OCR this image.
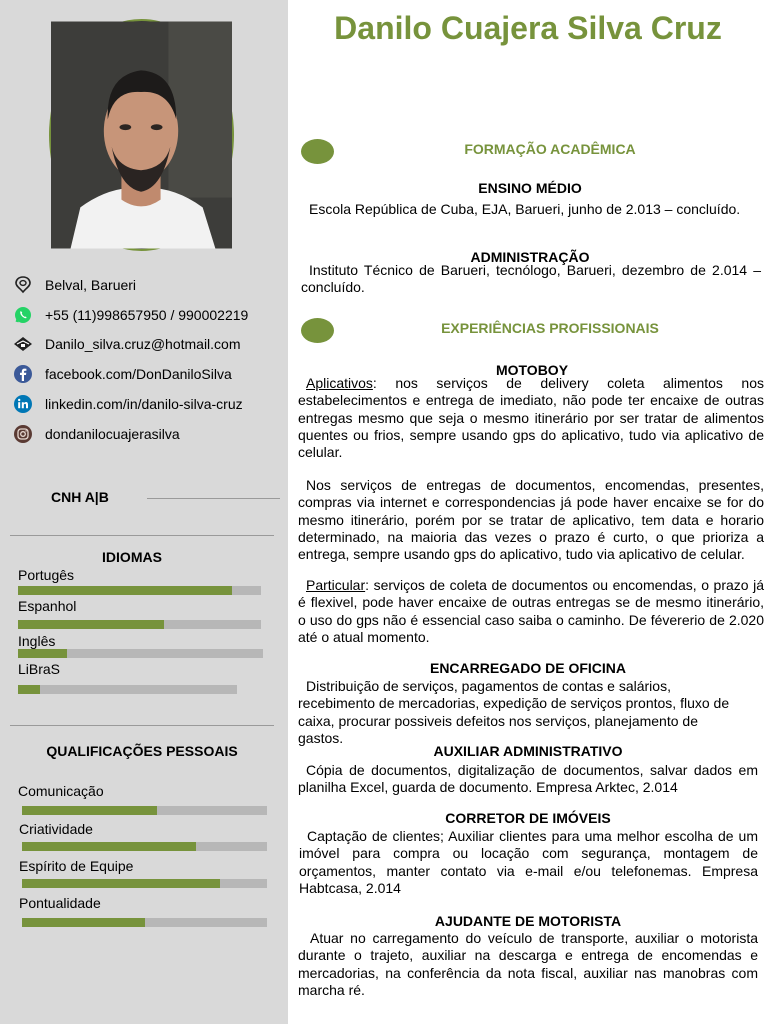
Belval, Barueri
+55 (11)998657950 / 990002219
Danilo_silva.cruz@hotmail.com
facebook.com/DonDaniloSilva
linkedin.com/in/danilo-silva-cruz
dondanilocuajerasilva
CNH A|B
IDIOMAS
Portugês
Espanhol
Inglês
LiBraS
QUALIFICAÇÕES PESSOAIS
Comunicação
Criatividade
Espírito de Equipe
Pontualidade
Danilo Cuajera Silva Cruz
FORMAÇÃO ACADÊMICA
ENSINO MÉDIO
Escola República de Cuba, EJA, Barueri, junho de 2.013 – concluído.
ADMINISTRAÇÃO
Instituto Técnico de Barueri, tecnólogo, Barueri, dezembro de 2.014 – concluído.
EXPERIÊNCIAS PROFISSIONAIS
MOTOBOY
Aplicativos: nos serviços de delivery coleta alimentos nos estabelecimentos e entrega de imediato, não pode ter encaixe de outras entregas mesmo que seja o mesmo itinerário por ser tratar de alimentos quentes ou frios, sempre usando gps do aplicativo, tudo via aplicativo de celular.
Nos serviços de entregas de documentos, encomendas, presentes, compras via internet e correspondencias já pode haver encaixe se for do mesmo itinerário, porém por se tratar de aplicativo, tem data e horario determinado, na maioria das vezes o prazo é curto, o que prioriza a entrega, sempre usando gps do aplicativo, tudo via aplicativo de celular.
Particular: serviços de coleta de documentos ou encomendas, o prazo já é flexivel, pode haver encaixe de outras entregas se de mesmo itinerário, o uso do gps não é essencial caso saiba o caminho. De févererio de 2.020 até o atual momento.
ENCARREGADO DE OFICINA
Distribuição de serviços, pagamentos de contas e salários, recebimento de mercadorias, expedição de serviços prontos, fluxo de caixa, procurar possiveis defeitos nos serviços, planejamento de gastos.
AUXILIAR ADMINISTRATIVO
Cópia de documentos, digitalização de documentos, salvar dados em planilha Excel, guarda de documento. Empresa Arktec, 2.014
CORRETOR DE IMÓVEIS
Captação de clientes; Auxiliar clientes para uma melhor escolha de um imóvel para compra ou locação com segurança, montagem de orçamentos, manter contato via e-mail e/ou telefonemas. Empresa Habtcasa, 2.014
AJUDANTE DE MOTORISTA
Atuar no carregamento do veículo de transporte, auxiliar o motorista durante o trajeto, auxiliar na descarga e entrega de encomendas e mercadorias, na conferência da nota fiscal, auxiliar nas manobras com marcha ré.
